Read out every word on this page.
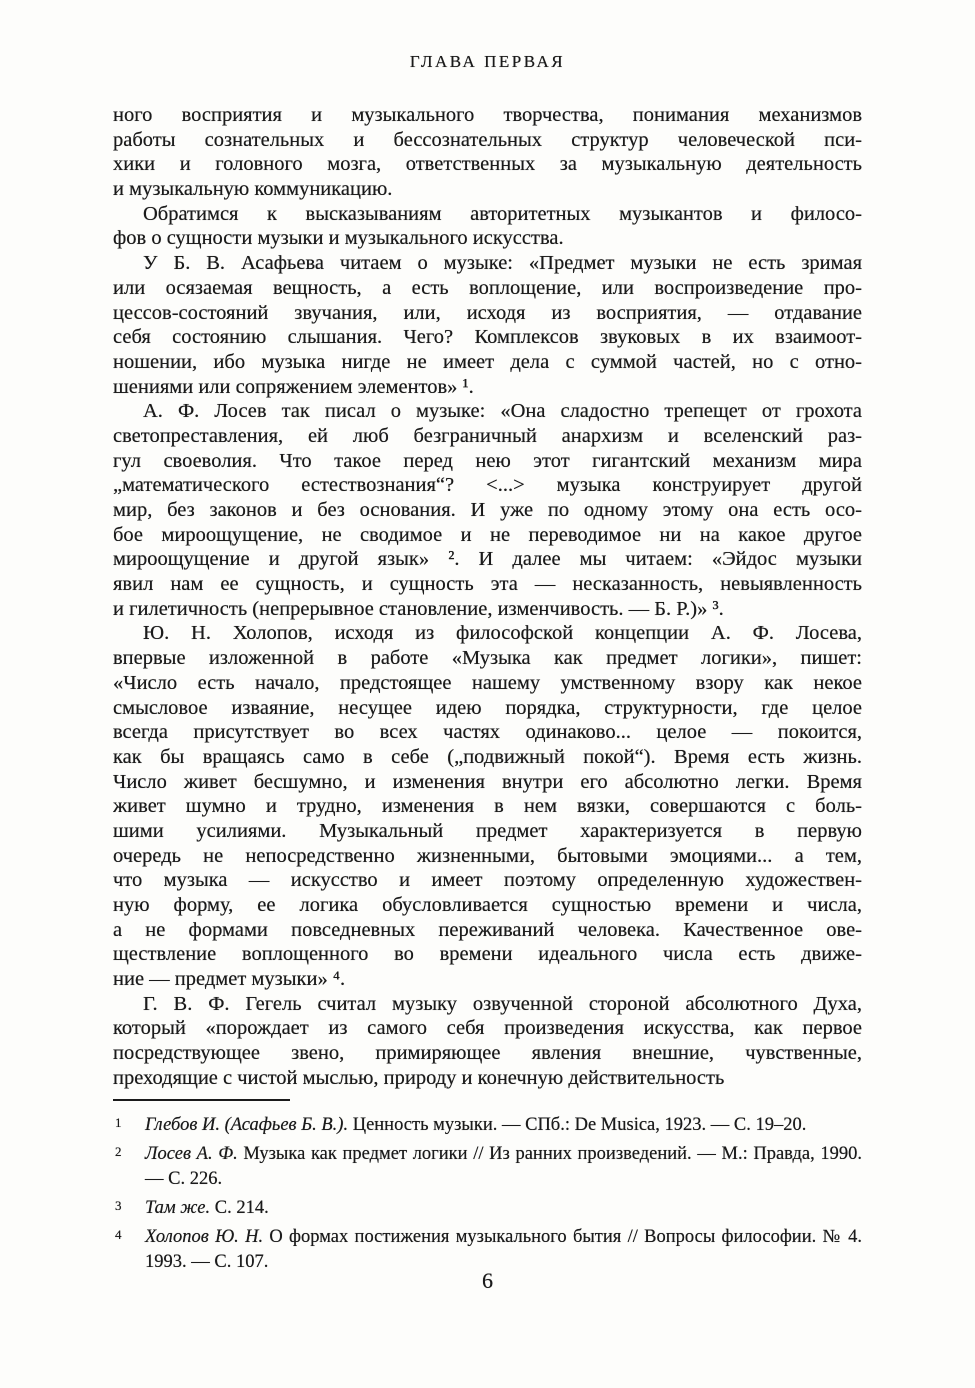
ГЛАВА ПЕРВАЯ
ного восприятия и музыкального творчества, понимания механизмов
работы сознательных и бессознательных структур человеческой пси-
хики и головного мозга, ответственных за музыкальную деятельность
и музыкальную коммуникацию.
Обратимся к высказываниям авторитетных музыкантов и филосо-
фов о сущности музыки и музыкального искусства.
У Б. В. Асафьева читаем о музыке: «Предмет музыки не есть зримая
или осязаемая вещность, а есть воплощение, или воспроизведение про-
цессов-состояний звучания, или, исходя из восприятия, — отдавание
себя состоянию слышания. Чего? Комплексов звуковых в их взаимоот-
ношении, ибо музыка нигде не имеет дела с суммой частей, но с отно-
шениями или сопряжением элементов» ¹.
А. Ф. Лосев так писал о музыке: «Она сладостно трепещет от грохота
светопреставления, ей люб безграничный анархизм и вселенский раз-
гул своеволия. Что такое перед нею этот гигантский механизм мира
„математического естествознания“? <...> музыка конструирует другой
мир, без законов и без основания. И уже по одному этому она есть осо-
бое мироощущение, не сводимое и не переводимое ни на какое другое
мироощущение и другой язык» ². И далее мы читаем: «Эйдос музыки
явил нам ее сущность, и сущность эта — несказанность, невыявленность
и гилетичность (непрерывное становление, изменчивость. — Б. Р.)» ³.
Ю. Н. Холопов, исходя из философской концепции А. Ф. Лосева,
впервые изложенной в работе «Музыка как предмет логики», пишет:
«Число есть начало, предстоящее нашему умственному взору как некое
смысловое изваяние, несущее идею порядка, структурности, где целое
всегда присутствует во всех частях одинаково... целое — покоится,
как бы вращаясь само в себе („подвижный покой“). Время есть жизнь.
Число живет бесшумно, и изменения внутри его абсолютно легки. Время
живет шумно и трудно, изменения в нем вязки, совершаются с боль-
шими усилиями. Музыкальный предмет характеризуется в первую
очередь не непосредственно жизненными, бытовыми эмоциями... а тем,
что музыка — искусство и имеет поэтому определенную художествен-
ную форму, ее логика обусловливается сущностью времени и числа,
а не формами повседневных переживаний человека. Качественное ове-
ществление воплощенного во времени идеального числа есть движе-
ние — предмет музыки» ⁴.
Г. В. Ф. Гегель считал музыку озвученной стороной абсолютного Духа,
который «порождает из самого себя произведения искусства, как первое
посредствующее звено, примиряющее явления внешние, чувственные,
преходящие с чистой мыслью, природу и конечную действительность
1 Глебов И. (Асафьев Б. В.). Ценность музыки. — СПб.: De Musica, 1923. — С. 19–20.
2 Лосев А. Ф. Музыка как предмет логики // Из ранних произведений. — М.: Правда, 1990. — С. 226.
3 Там же. С. 214.
4 Холопов Ю. Н. О формах постижения музыкального бытия // Вопросы философии. № 4. 1993. — С. 107.
6
